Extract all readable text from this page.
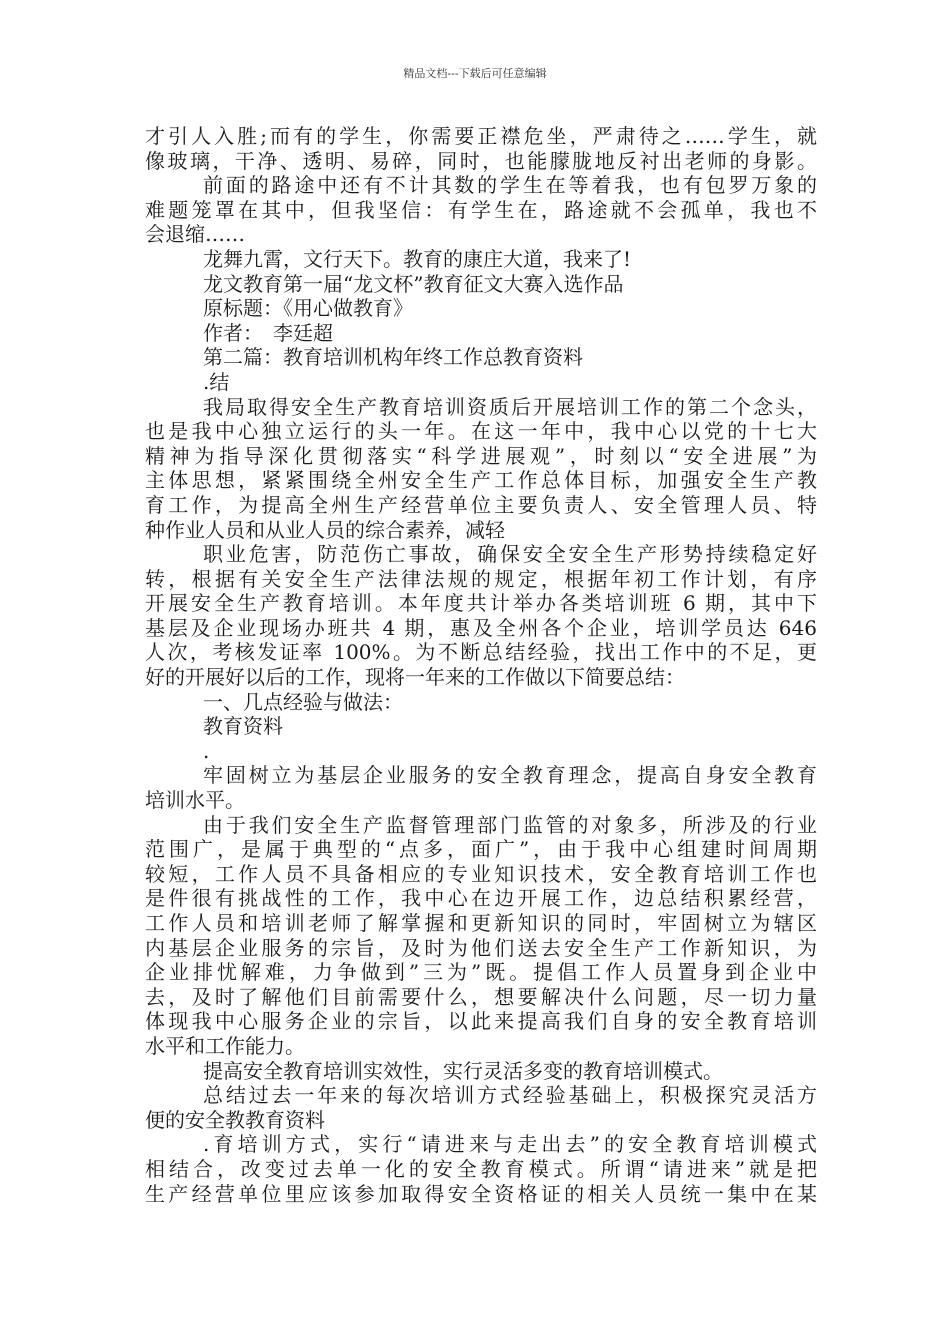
精品文档---下载后可任意编辑
才引人入胜;而有的学生，你需要正襟危坐，严肃待之……学生，就
像玻璃，干净、透明、易碎，同时，也能朦胧地反衬出老师的身影。
前面的路途中还有不计其数的学生在等着我，也有包罗万象的
难题笼罩在其中，但我坚信：有学生在，路途就不会孤单，我也不
会退缩……
龙舞九霄，文行天下。教育的康庄大道，我来了!
龙文教育第一届“龙文杯”教育征文大赛入选作品
原标题：《用心做教育》
作者：　李廷超
第二篇：教育培训机构年终工作总教育资料
.结
我局取得安全生产教育培训资质后开展培训工作的第二个念头，
也是我中心独立运行的头一年。在这一年中，我中心以党的十七大
精神为指导深化贯彻落实“科学进展观”，时刻以“安全进展”为
主体思想，紧紧围绕全州安全生产工作总体目标，加强安全生产教
育工作，为提高全州生产经营单位主要负责人、安全管理人员、特
种作业人员和从业人员的综合素养，减轻
职业危害，防范伤亡事故，确保安全安全生产形势持续稳定好
转，根据有关安全生产法律法规的规定，根据年初工作计划，有序
开展安全生产教育培训。本年度共计举办各类培训班 6 期，其中下
基层及企业现场办班共 4 期，惠及全州各个企业，培训学员达 646
人次，考核发证率 100%。为不断总结经验，找出工作中的不足，更
好的开展好以后的工作，现将一年来的工作做以下简要总结：
一、几点经验与做法：
教育资料
.
牢固树立为基层企业服务的安全教育理念，提高自身安全教育
培训水平。
由于我们安全生产监督管理部门监管的对象多，所涉及的行业
范围广，是属于典型的“点多，面广”，由于我中心组建时间周期
较短，工作人员不具备相应的专业知识技术，安全教育培训工作也
是件很有挑战性的工作，我中心在边开展工作，边总结积累经营，
工作人员和培训老师了解掌握和更新知识的同时，牢固树立为辖区
内基层企业服务的宗旨，及时为他们送去安全生产工作新知识，为
企业排忧解难，力争做到”三为”既。提倡工作人员置身到企业中
去，及时了解他们目前需要什么，想要解决什么问题，尽一切力量
体现我中心服务企业的宗旨，以此来提高我们自身的安全教育培训
水平和工作能力。
提高安全教育培训实效性，实行灵活多变的教育培训模式。
总结过去一年来的每次培训方式经验基础上，积极探究灵活方
便的安全教教育资料
.育培训方式，实行“请进来与走出去”的安全教育培训模式
相结合，改变过去单一化的安全教育模式。所谓“请进来”就是把
生产经营单位里应该参加取得安全资格证的相关人员统一集中在某
